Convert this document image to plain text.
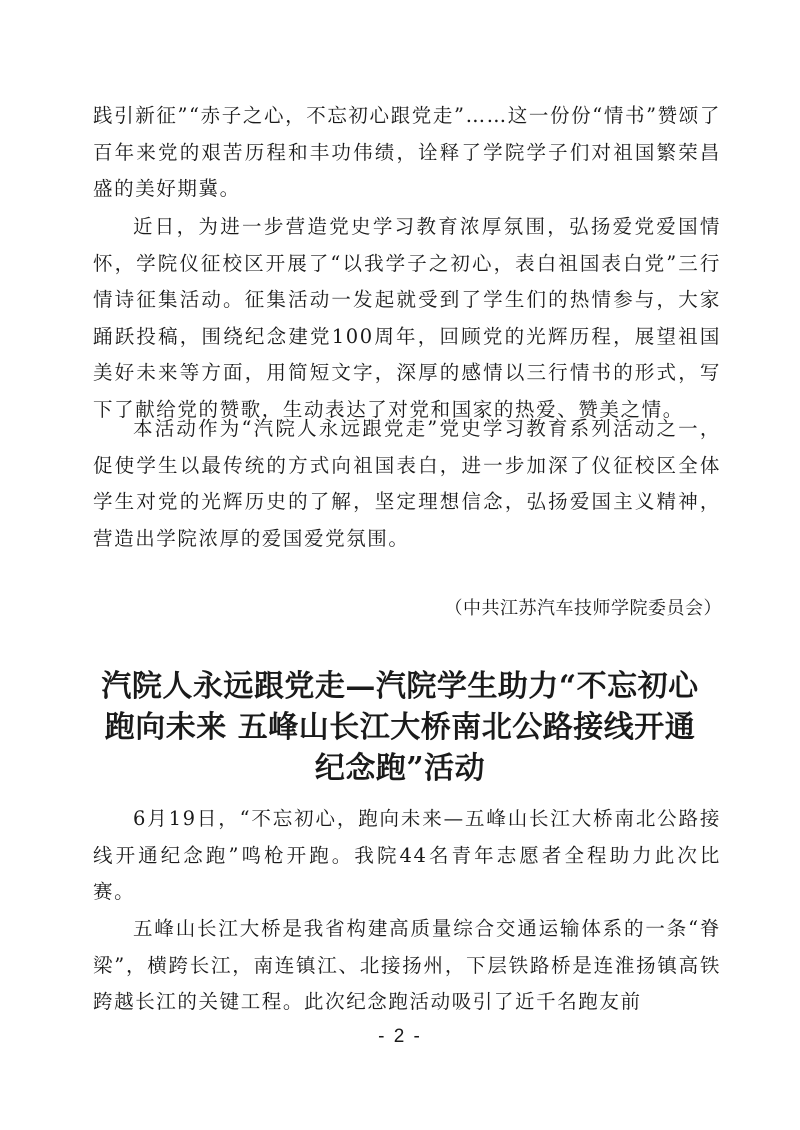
践引新征”“赤子之心，不忘初心跟党走”……这一份份“情书”赞颂了百年来党的艰苦历程和丰功伟绩，诠释了学院学子们对祖国繁荣昌盛的美好期冀。

近日，为进一步营造党史学习教育浓厚氛围，弘扬爱党爱国情怀，学院仪征校区开展了“以我学子之初心，表白祖国表白党”三行情诗征集活动。征集活动一发起就受到了学生们的热情参与，大家踊跃投稿，围绕纪念建党100周年，回顾党的光辉历程，展望祖国美好未来等方面，用简短文字，深厚的感情以三行情书的形式，写下了献给党的赞歌，生动表达了对党和国家的热爱、赞美之情。

本活动作为“汽院人永远跟党走”党史学习教育系列活动之一，促使学生以最传统的方式向祖国表白，进一步加深了仪征校区全体学生对党的光辉历史的了解，坚定理想信念，弘扬爱国主义精神，营造出学院浓厚的爱国爱党氛围。

（中共江苏汽车技师学院委员会）
汽院人永远跟党走—汽院学生助力“不忘初心
跑向未来 五峰山长江大桥南北公路接线开通
纪念跑”活动

6月19日，“不忘初心，跑向未来—五峰山长江大桥南北公路接线开通纪念跑”鸣枪开跑。我院44名青年志愿者全程助力此次比赛。

五峰山长江大桥是我省构建高质量综合交通运输体系的一条“脊梁”，横跨长江，南连镇江、北接扬州，下层铁路桥是连淮扬镇高铁跨越长江的关键工程。此次纪念跑活动吸引了近千名跑友前

- 2 -
